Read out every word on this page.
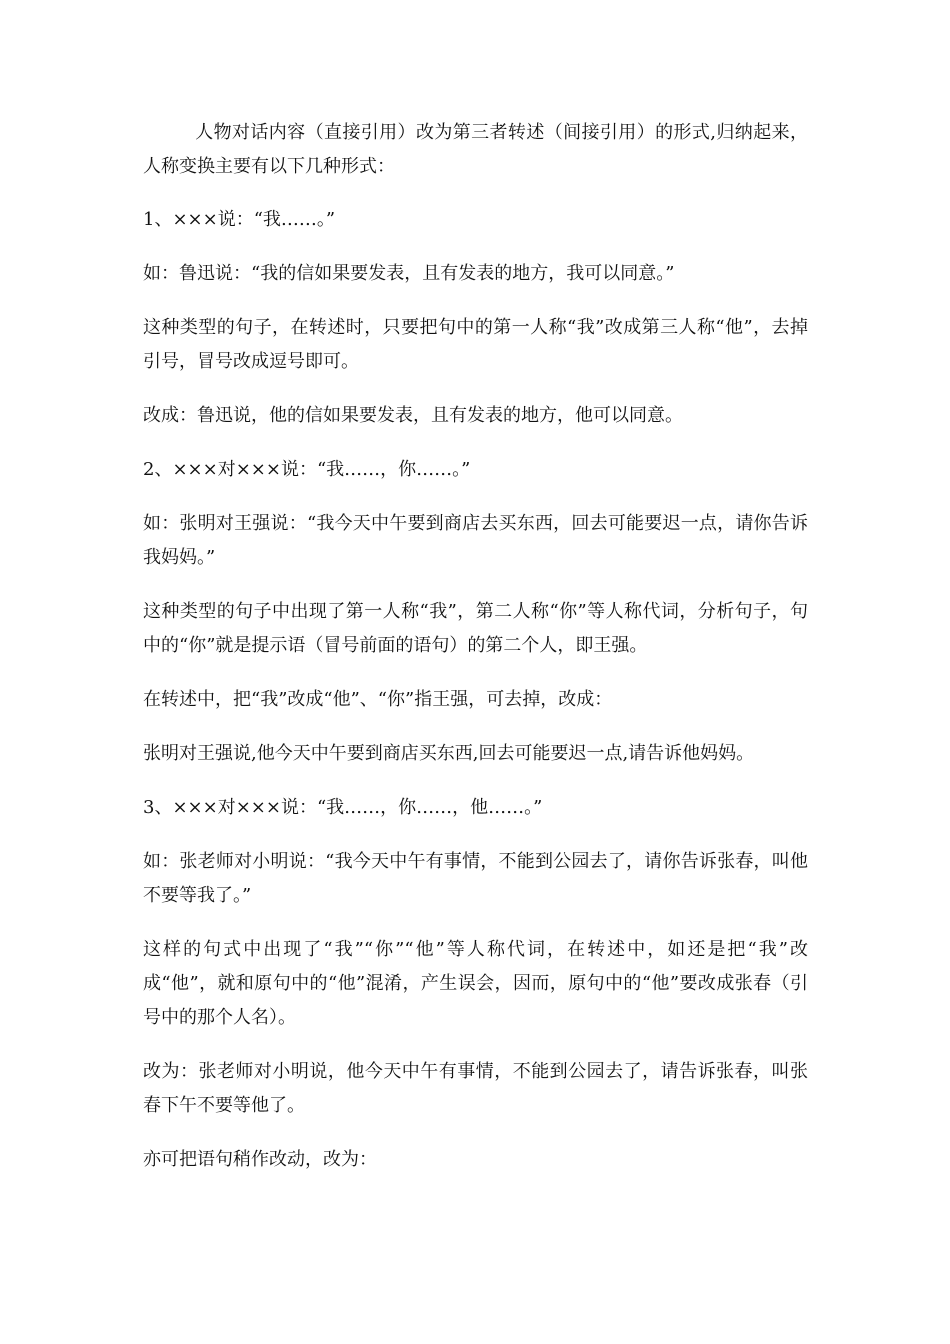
人物对话内容（直接引用）改为第三者转述（间接引用）的形式,归纳起来，人称变换主要有以下几种形式：

1、×××说：“我……。”

如：鲁迅说：“我的信如果要发表，且有发表的地方，我可以同意。”

这种类型的句子，在转述时，只要把句中的第一人称“我”改成第三人称“他”，去掉引号，冒号改成逗号即可。

改成：鲁迅说，他的信如果要发表，且有发表的地方，他可以同意。

2、×××对×××说：“我……，你……。”

如：张明对王强说：“我今天中午要到商店去买东西，回去可能要迟一点，请你告诉我妈妈。”

这种类型的句子中出现了第一人称“我”，第二人称“你”等人称代词，分析句子，句中的“你”就是提示语（冒号前面的语句）的第二个人，即王强。

在转述中，把“我”改成“他”、“你”指王强，可去掉，改成：

张明对王强说,他今天中午要到商店买东西,回去可能要迟一点,请告诉他妈妈。

3、×××对×××说：“我……，你……，他……。”

如：张老师对小明说：“我今天中午有事情，不能到公园去了，请你告诉张春，叫他不要等我了。”

这样的句式中出现了“我”“你”“他”等人称代词，在转述中，如还是把“我”改成“他”，就和原句中的“他”混淆，产生误会，因而，原句中的“他”要改成张春（引号中的那个人名）。

改为：张老师对小明说，他今天中午有事情，不能到公园去了，请告诉张春，叫张春下午不要等他了。

亦可把语句稍作改动，改为：
